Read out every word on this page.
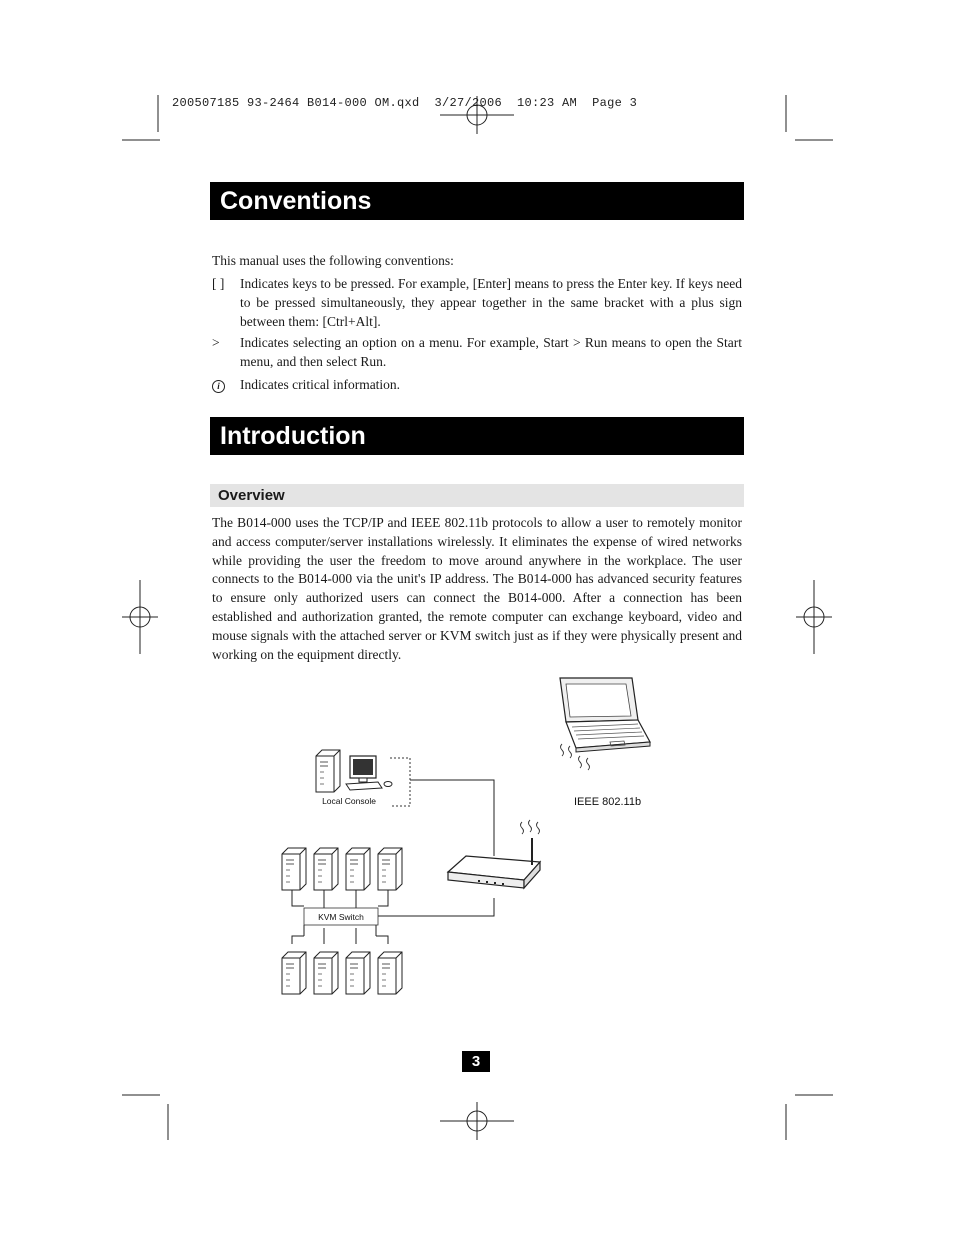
200507185 93-2464 B014-000 OM.qxd  3/27/2006  10:23 AM  Page 3
Conventions
This manual uses the following conventions:
[ ]	Indicates keys to be pressed. For example, [Enter] means to press the Enter key. If keys need to be pressed simultaneously, they appear together in the same bracket with a plus sign between them: [Ctrl+Alt].
>	Indicates selecting an option on a menu. For example, Start > Run means to open the Start menu, and then select Run.
i	Indicates critical information.
Introduction
Overview
The B014-000 uses the TCP/IP and IEEE 802.11b protocols to allow a user to remotely monitor and access computer/server installations wirelessly. It eliminates the expense of wired networks while providing the user the freedom to move around anywhere in the workplace. The user connects to the B014-000 via the unit's IP address. The B014-000 has advanced security features to ensure only authorized users can connect the B014-000. After a connection has been established and authorization granted, the remote computer can exchange keyboard, video and mouse signals with the attached server or KVM switch just as if they were physically present and working on the equipment directly.
IEEE 802.11b
Local Console
KVM Switch
3
